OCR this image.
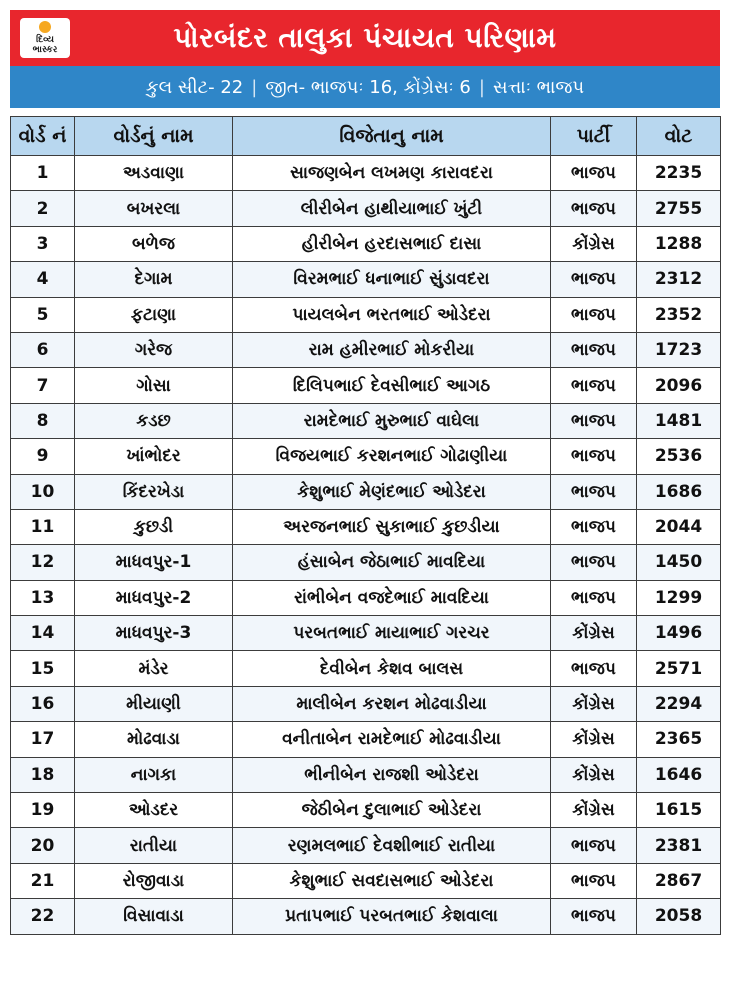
દિવ્ય
ભાસ્કર	પોરબંદર તાલુકા પંચાયત પરિણામ
કુલ સીટ- 22 | જીત- ભાજપઃ 16, કોંગ્રેસઃ 6 | સત્તાઃ ભાજપ
વોર્ડ નં	વોર્ડનું નામ	વિજેતાનુ નામ	પાર્ટી	વોટ
1	અડવાણા	સાજણબેન લખમણ કારાવદરા	ભાજપ	2235
2	બખરલા	લીરીબેન હાથીયાભાઈ ખુંટી	ભાજપ	2755
3	બળેજ	હીરીબેન હરદાસભાઈ દાસા	કોંગ્રેસ	1288
4	દેગામ	વિરમભાઈ ધનાભાઈ સુંડાવદરા	ભાજપ	2312
5	ફટાણા	પાયલબેન ભરતભાઈ ઓડેદરા	ભાજપ	2352
6	ગરેજ	રામ હમીરભાઈ મોકરીયા	ભાજપ	1723
7	ગોસા	દિલિપભાઈ દેવસીભાઈ આગઠ	ભાજપ	2096
8	કડછ	રામદેભાઈ મુરુભાઈ વાઘેલા	ભાજપ	1481
9	ખાંભોદર	વિજયભાઈ કરશનભાઈ ગોઢાણીયા	ભાજપ	2536
10	કિંદરખેડા	કેશુભાઈ મેણંદભાઈ ઓડેદરા	ભાજપ	1686
11	કુછડી	અરજનભાઈ સુકાભાઈ કુછડીયા	ભાજપ	2044
12	માધવપુર-1	હંસાબેન જેઠાભાઈ માવદિયા	ભાજપ	1450
13	માધવપુર-2	રાંભીબેન વજદેભાઈ માવદિયા	ભાજપ	1299
14	માધવપુર-3	પરબતભાઈ માયાભાઈ ગરચર	કોંગ્રેસ	1496
15	મંડેર	દેવીબેન કેશવ બાલસ	ભાજપ	2571
16	મીયાણી	માલીબેન કરશન મોઢવાડીયા	કોંગ્રેસ	2294
17	મોઢવાડા	વનીતાબેન રામદેભાઈ મોઢવાડીયા	કોંગ્રેસ	2365
18	નાગકા	ભીનીબેન રાજશી ઓડેદરા	કોંગ્રેસ	1646
19	ઓડદર	જેઠીબેન દુલાભાઈ ઓડેદરા	કોંગ્રેસ	1615
20	રાતીયા	રણમલભાઈ દેવશીભાઈ રાતીયા	ભાજપ	2381
21	રોજીવાડા	કેશુભાઈ સવદાસભાઈ ઓડેદરા	ભાજપ	2867
22	વિસાવાડા	પ્રતાપભાઈ પરબતભાઈ કેશવાલા	ભાજપ	2058
